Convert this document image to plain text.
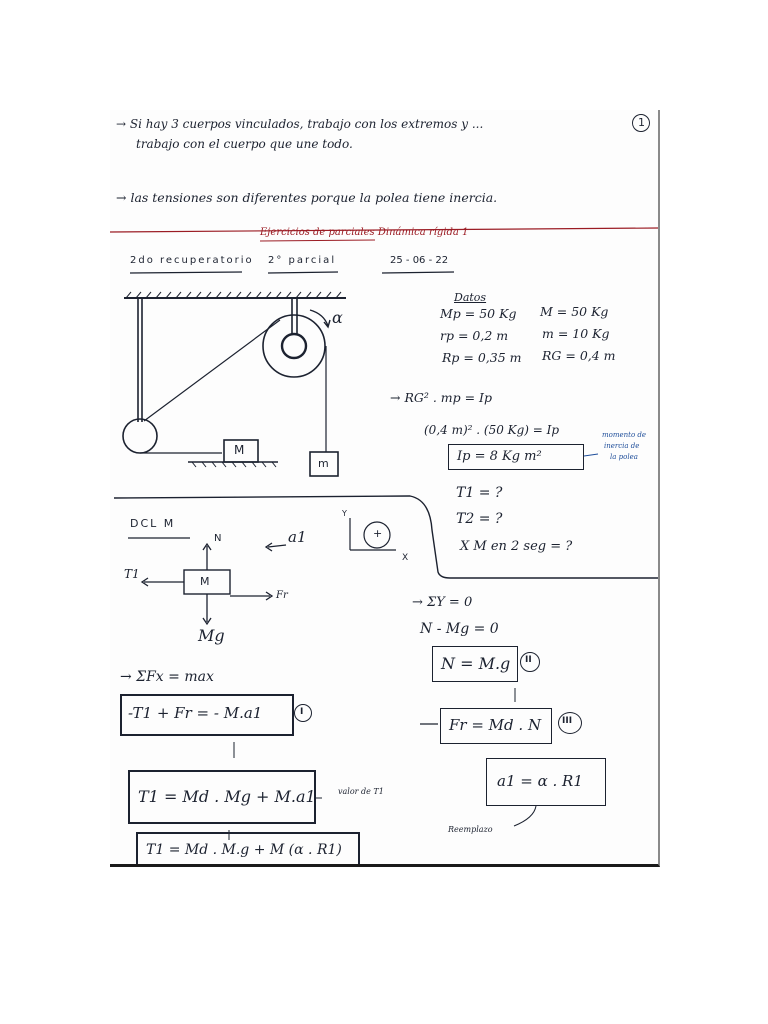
→ Si hay 3 cuerpos vinculados, trabajo con los extremos y ...	1
trabajo con el cuerpo que une todo.
→ las tensiones son diferentes porque la polea tiene inercia.
Ejercicios de parciales Dinámica rígida 1
2do recuperatorio 2° parcial	25 - 06 - 22
α
M
m
Datos
Mp = 50 Kg M = 50 Kg
rp = 0,2 m	m = 10 Kg
Rp = 0,35 m RG = 0,4 m
→ RG² . mp = Ip
(0,4 m)² . (50 Kg) = Ip
Ip = 8 Kg m²
momento de
inercia de
la polea
T1 = ?
T2 = ?
X M en 2 seg = ?
DCL M
N
T1
M
Fr
Mg
a1
Y
X
+
→ ΣY = 0
N - Mg = 0
N = M.g II
Fr = Md . N III
a1 = α . R1
Reemplazo
→ ΣFx = max
-T1 + Fr = - M.a1	I
T1 = Md . Mg + M.a1	valor de T1
T1 = Md . M.g + M (α . R1)
